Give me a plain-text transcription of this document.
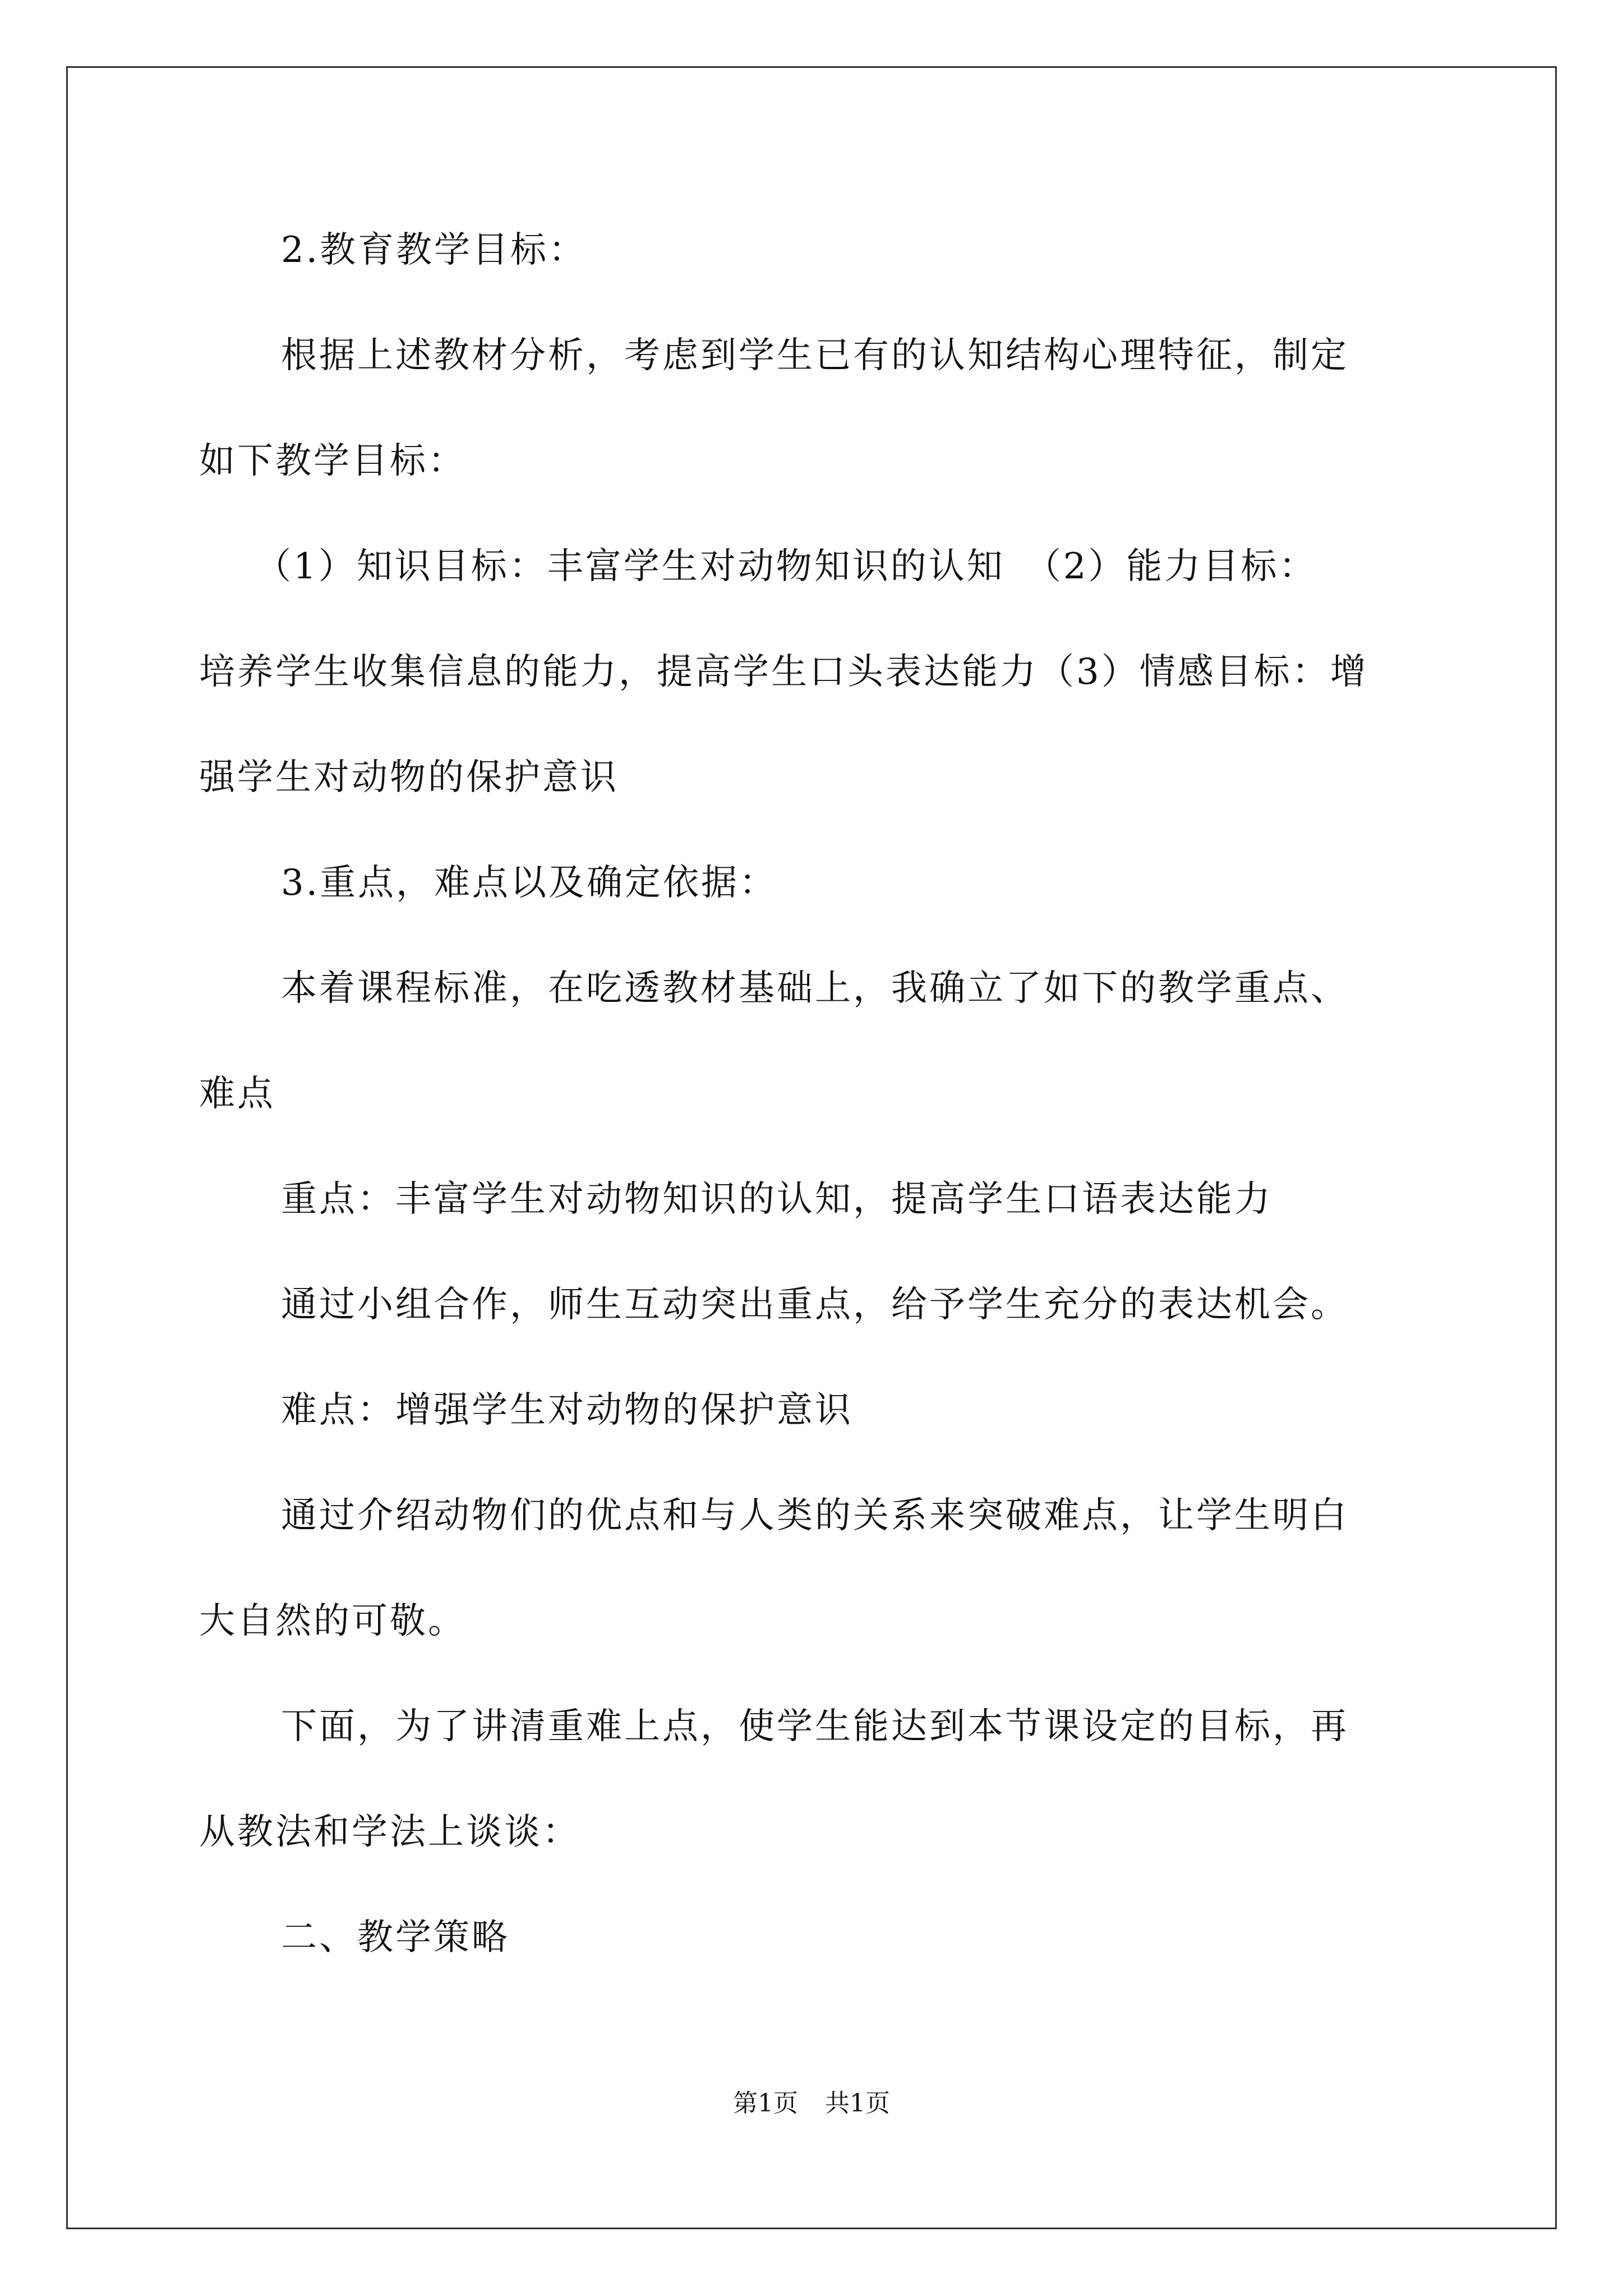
2.教育教学目标：
根据上述教材分析，考虑到学生已有的认知结构心理特征，制定
如下教学目标：
（1）知识目标：丰富学生对动物知识的认知　（2）能力目标：
培养学生收集信息的能力，提高学生口头表达能力（3）情感目标：增
强学生对动物的保护意识
3.重点，难点以及确定依据：
本着课程标准，在吃透教材基础上，我确立了如下的教学重点、
难点
重点：丰富学生对动物知识的认知，提高学生口语表达能力
通过小组合作，师生互动突出重点，给予学生充分的表达机会。
难点：增强学生对动物的保护意识
通过介绍动物们的优点和与人类的关系来突破难点，让学生明白
大自然的可敬。
下面，为了讲清重难上点，使学生能达到本节课设定的目标，再
从教法和学法上谈谈：
二、教学策略
第1页 共1页
